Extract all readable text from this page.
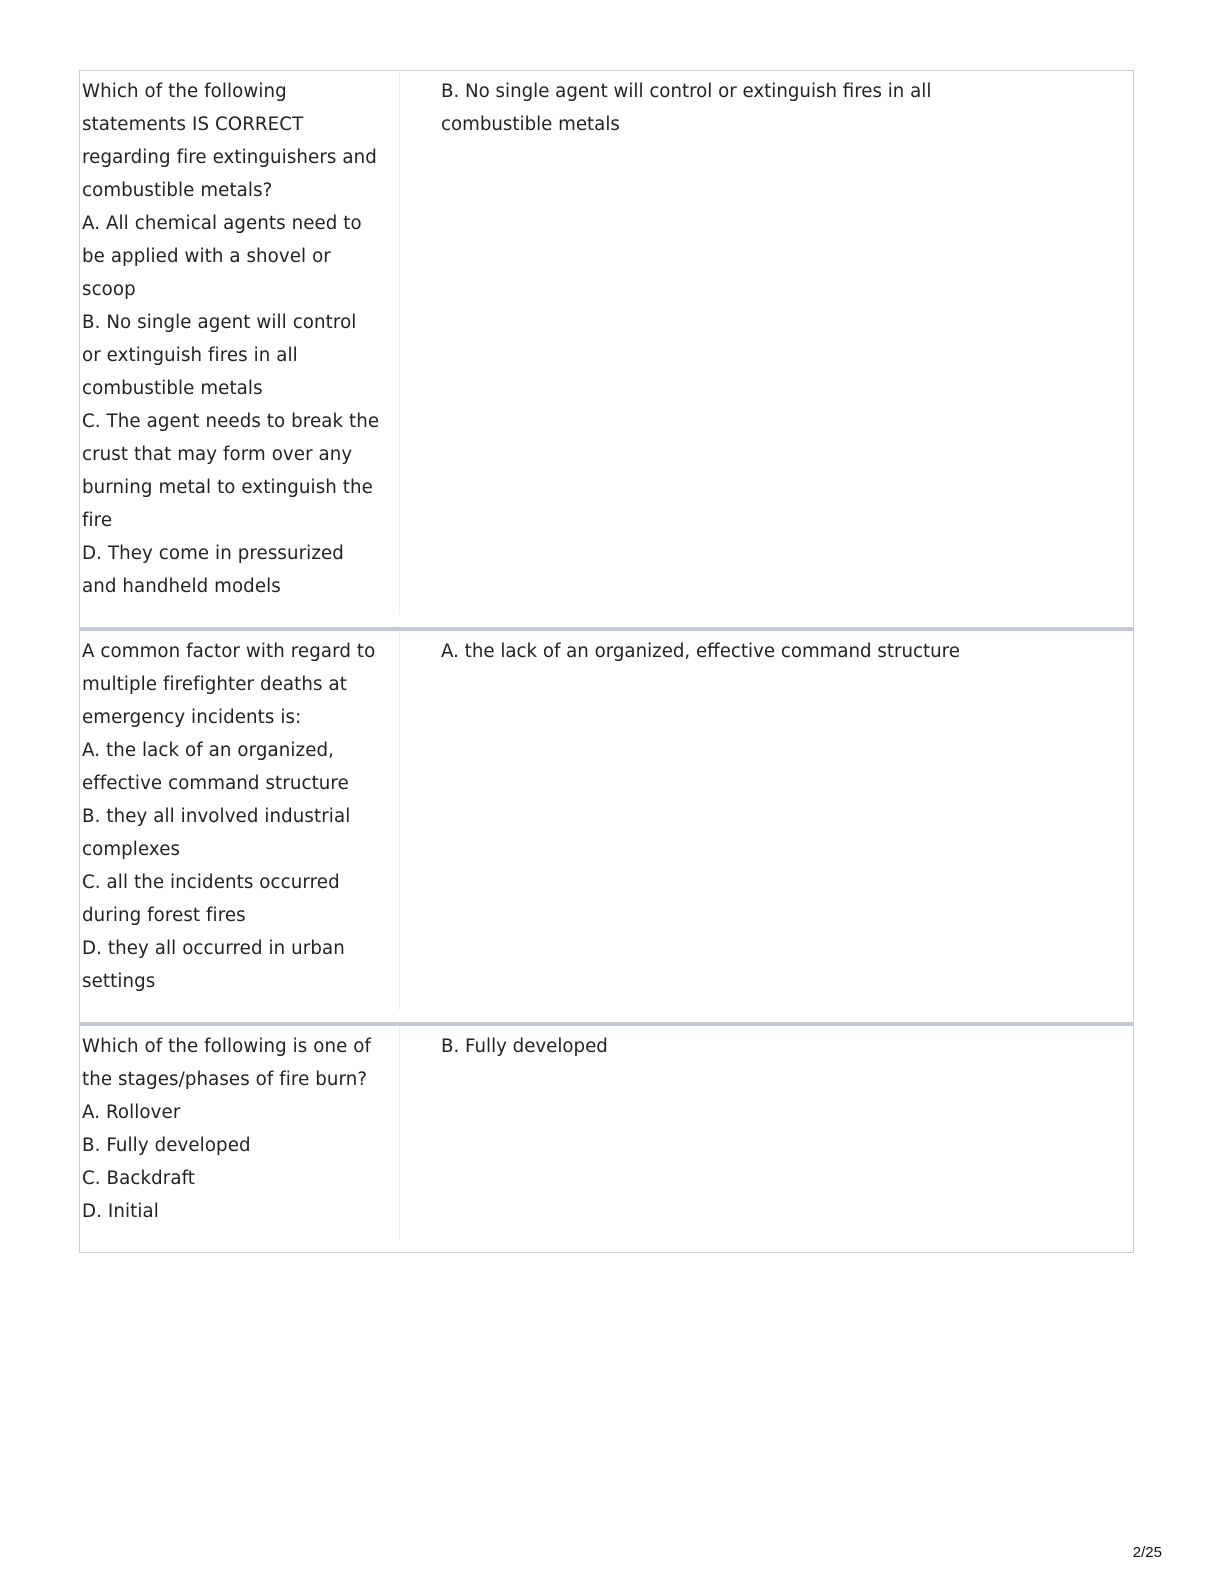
Which of the following
statements IS CORRECT
regarding fire extinguishers and
combustible metals?
A. All chemical agents need to
be applied with a shovel or
scoop
B. No single agent will control
or extinguish fires in all
combustible metals
C. The agent needs to break the
crust that may form over any
burning metal to extinguish the
fire
D. They come in pressurized
and handheld models
B. No single agent will control or extinguish fires in all
combustible metals
A common factor with regard to
multiple firefighter deaths at
emergency incidents is:
A. the lack of an organized,
effective command structure
B. they all involved industrial
complexes
C. all the incidents occurred
during forest fires
D. they all occurred in urban
settings
A. the lack of an organized, effective command structure
Which of the following is one of
the stages/phases of fire burn?
A. Rollover
B. Fully developed
C. Backdraft
D. Initial
B. Fully developed
2/25
